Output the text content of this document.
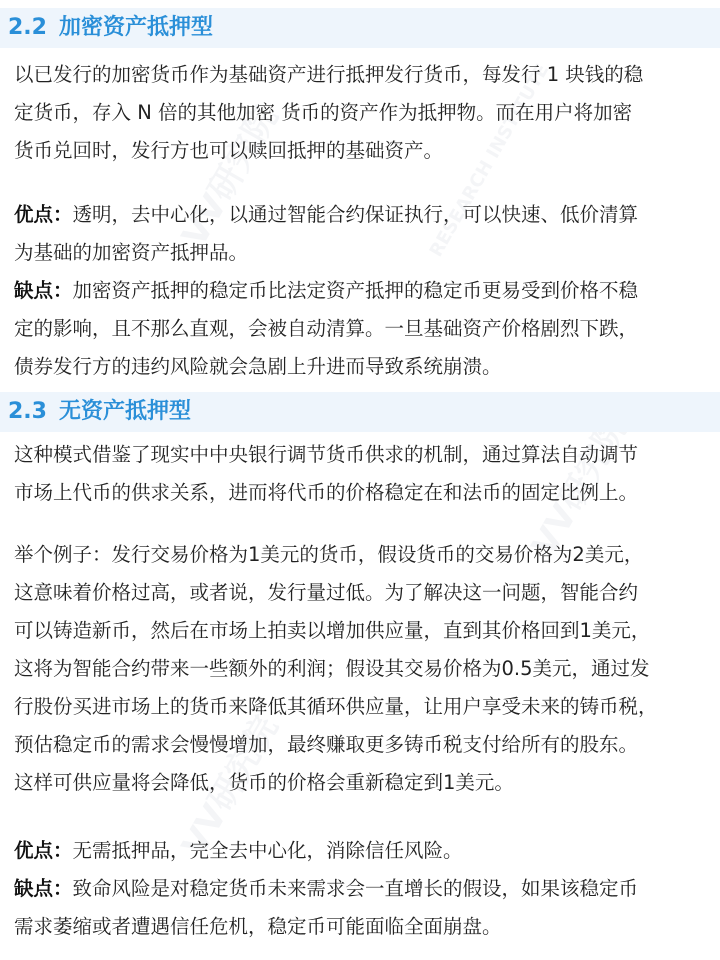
VV研究院	RESEARCH INSTITUTE
VV研究院
VV研究院
2.2 加密资产抵押型
以已发行的加密货币作为基础资产进行抵押发行货币，每发行 1 块钱的稳
定货币，存入 N 倍的其他加密 货币的资产作为抵押物。而在用户将加密
货币兑回时，发行方也可以赎回抵押的基础资产。
优点：透明，去中心化，以通过智能合约保证执行，可以快速、低价清算
为基础的加密资产抵押品。
缺点：加密资产抵押的稳定币比法定资产抵押的稳定币更易受到价格不稳
定的影响，且不那么直观，会被自动清算。一旦基础资产价格剧烈下跌，
债券发行方的违约风险就会急剧上升进而导致系统崩溃。
2.3 无资产抵押型
这种模式借鉴了现实中中央银行调节货币供求的机制，通过算法自动调节
市场上代币的供求关系，进而将代币的价格稳定在和法币的固定比例上。
举个例子：发行交易价格为1美元的货币，假设货币的交易价格为2美元，
这意味着价格过高，或者说，发行量过低。为了解决这一问题，智能合约
可以铸造新币，然后在市场上拍卖以增加供应量，直到其价格回到1美元，
这将为智能合约带来一些额外的利润；假设其交易价格为0.5美元，通过发
行股份买进市场上的货币来降低其循环供应量，让用户享受未来的铸币税，
预估稳定币的需求会慢慢增加，最终赚取更多铸币税支付给所有的股东。
这样可供应量将会降低，货币的价格会重新稳定到1美元。
优点：无需抵押品，完全去中心化，消除信任风险。
缺点：致命风险是对稳定货币未来需求会一直增长的假设，如果该稳定币
需求萎缩或者遭遇信任危机，稳定币可能面临全面崩盘。
